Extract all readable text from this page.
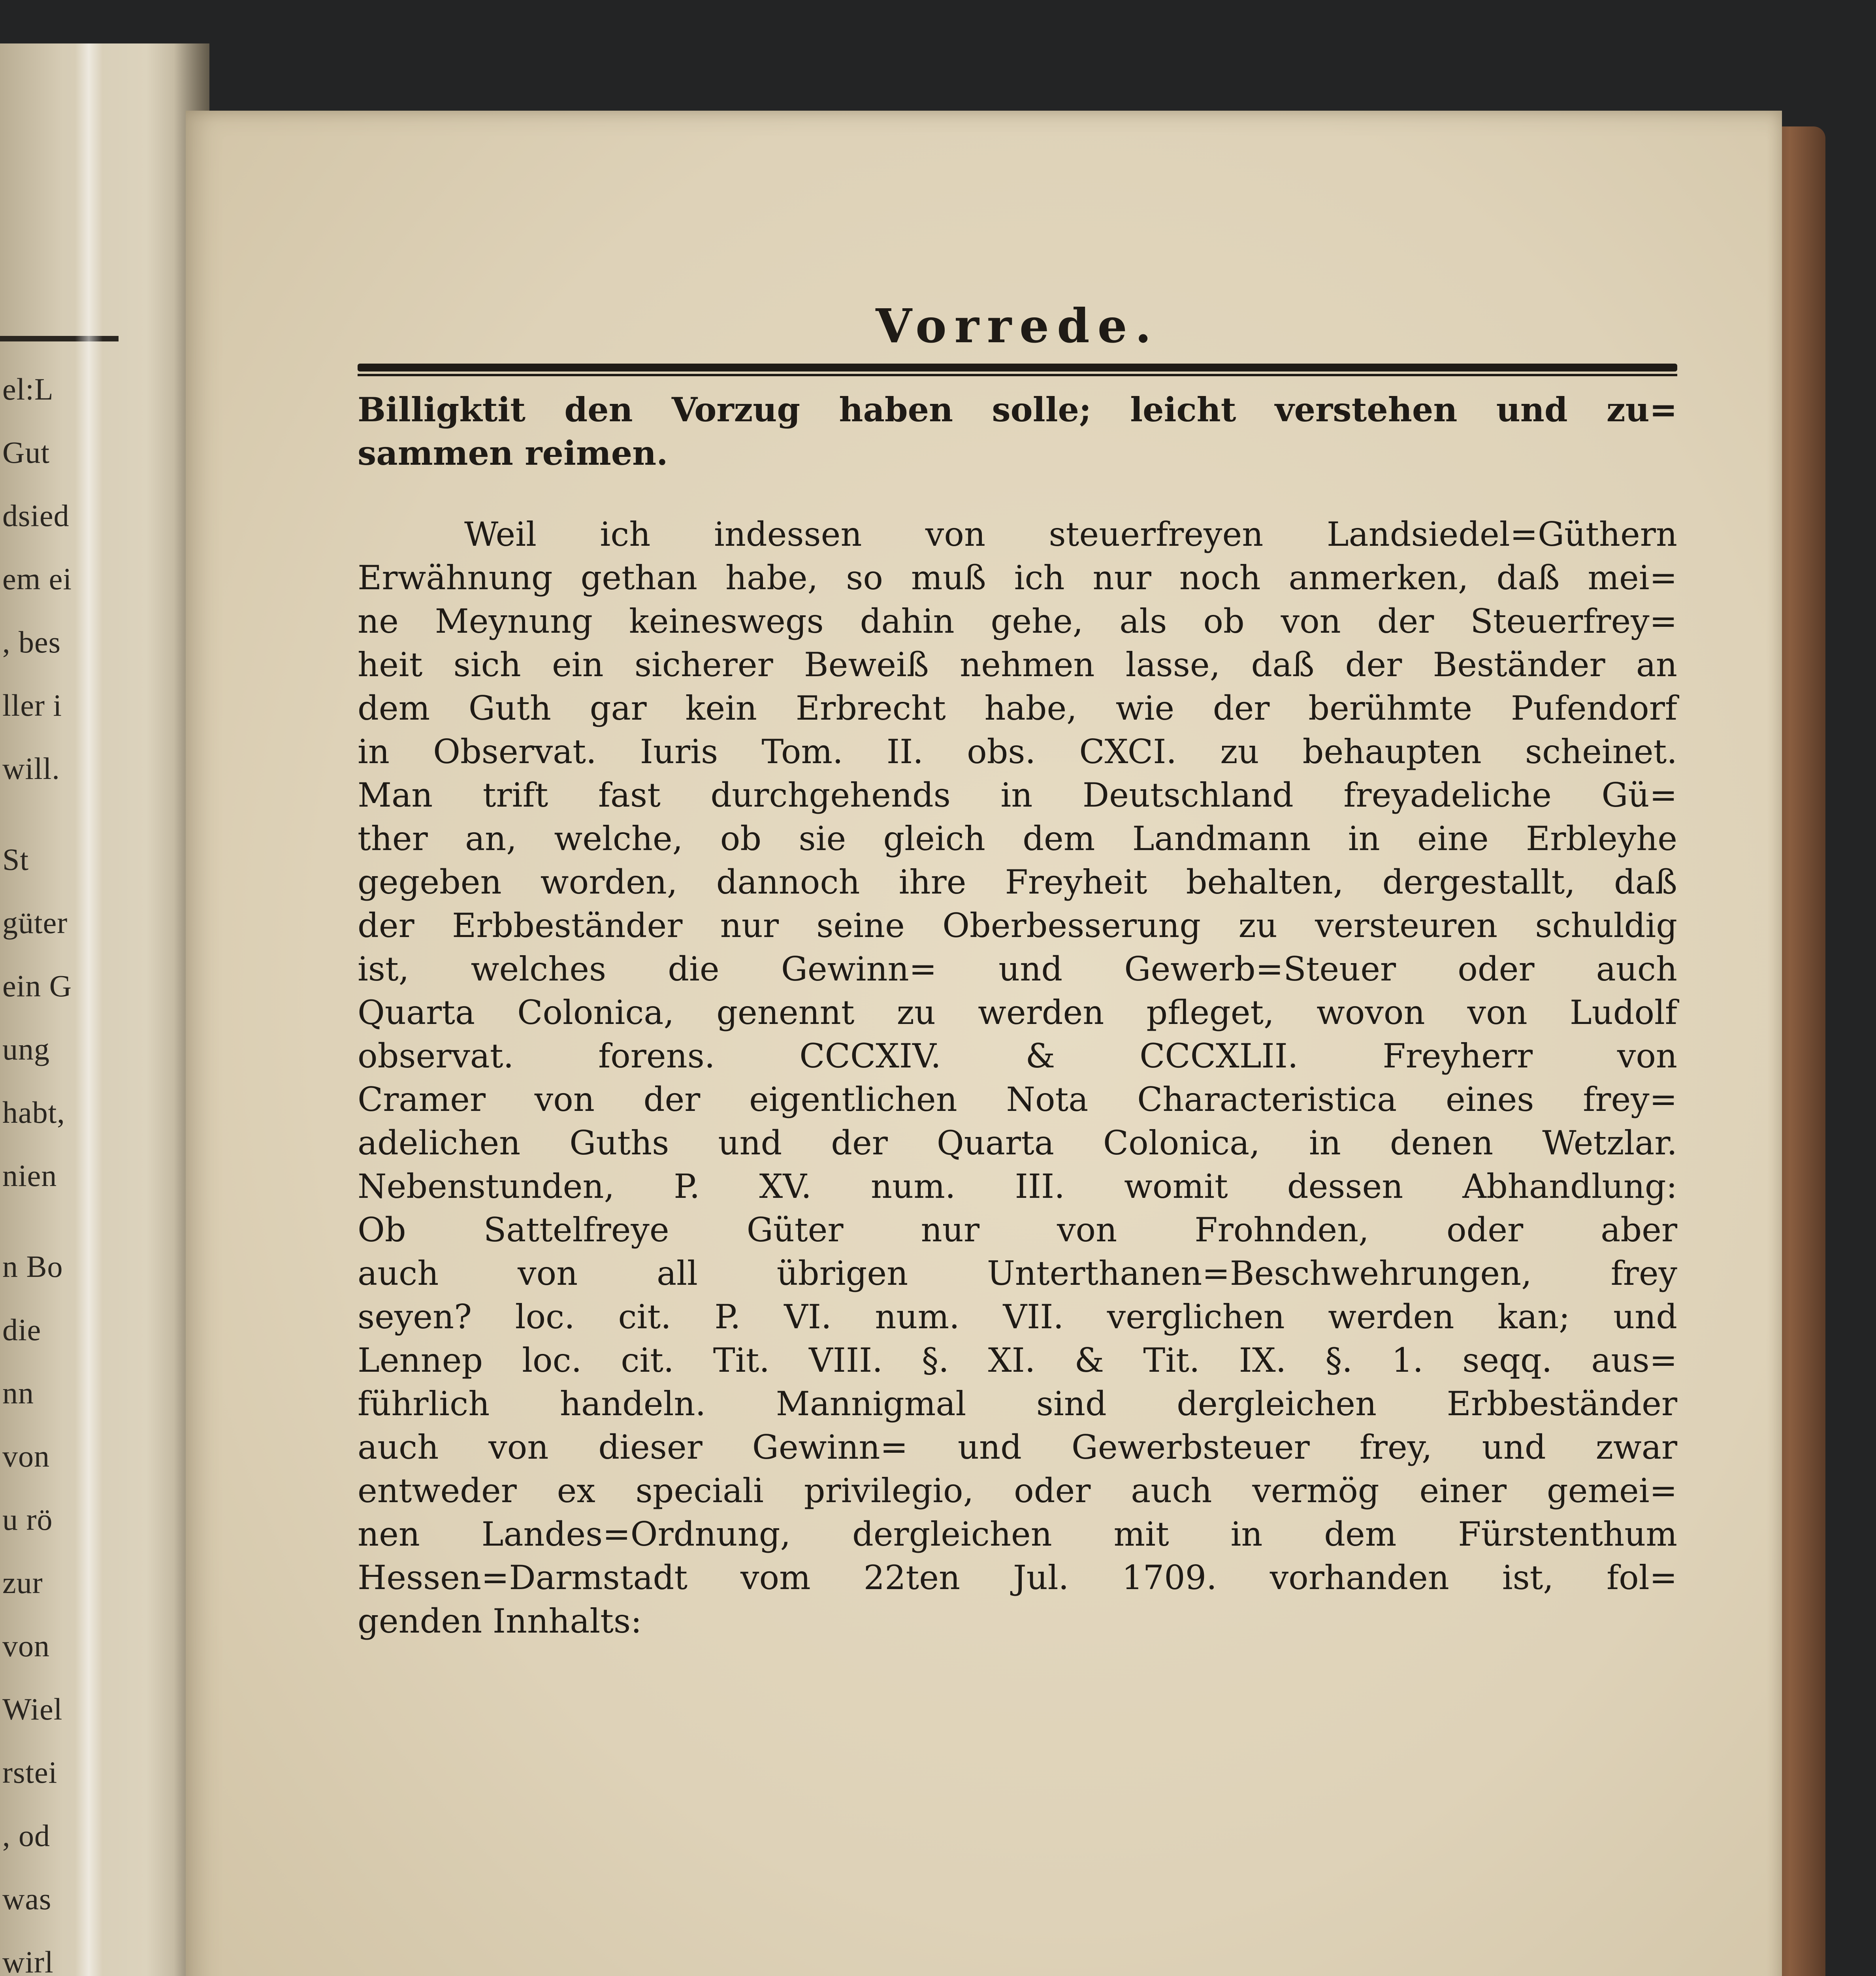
el:L
Gut
dsied
em ei
, bes
ller i
will.
St
güter
ein G
ung
habt,
nien
n Bo
die
nn
von
u rö
zur
von
Wiel
rstei
, od
was
wirl
Vorrede.
Billigktit den Vorzug haben solle; leicht verstehen und zu=
sammen reimen.
Weil ich indessen von steuerfreyen Landsiedel=Güthern
Erwähnung gethan habe, so muß ich nur noch anmerken, daß mei=
ne Meynung keineswegs dahin gehe, als ob von der Steuerfrey=
heit sich ein sicherer Beweiß nehmen lasse, daß der Beständer an
dem Guth gar kein Erbrecht habe, wie der berühmte Pufendorf
in Observat. Iuris Tom. II. obs. CXCI. zu behaupten scheinet.
Man trift fast durchgehends in Deutschland freyadeliche Gü=
ther an, welche, ob sie gleich dem Landmann in eine Erbleyhe
gegeben worden, dannoch ihre Freyheit behalten, dergestallt, daß
der Erbbeständer nur seine Oberbesserung zu versteuren schuldig
ist, welches die Gewinn= und Gewerb=Steuer oder auch
Quarta Colonica, genennt zu werden pfleget, wovon von Ludolf
observat. forens. CCCXIV. & CCCXLII. Freyherr von
Cramer von der eigentlichen Nota Characteristica eines frey=
adelichen Guths und der Quarta Colonica, in denen Wetzlar.
Nebenstunden, P. XV. num. III. womit dessen Abhandlung:
Ob Sattelfreye Güter nur von Frohnden, oder aber
auch von all übrigen Unterthanen=Beschwehrungen, frey
seyen? loc. cit. P. VI. num. VII. verglichen werden kan; und
Lennep loc. cit. Tit. VIII. §. XI. & Tit. IX. §. 1. seqq. aus=
führlich handeln. Mannigmal sind dergleichen Erbbeständer
auch von dieser Gewinn= und Gewerbsteuer frey, und zwar
entweder ex speciali privilegio, oder auch vermög einer gemei=
nen Landes=Ordnung, dergleichen mit in dem Fürstenthum
Hessen=Darmstadt vom 22ten Jul. 1709. vorhanden ist, fol=
genden Innhalts:
